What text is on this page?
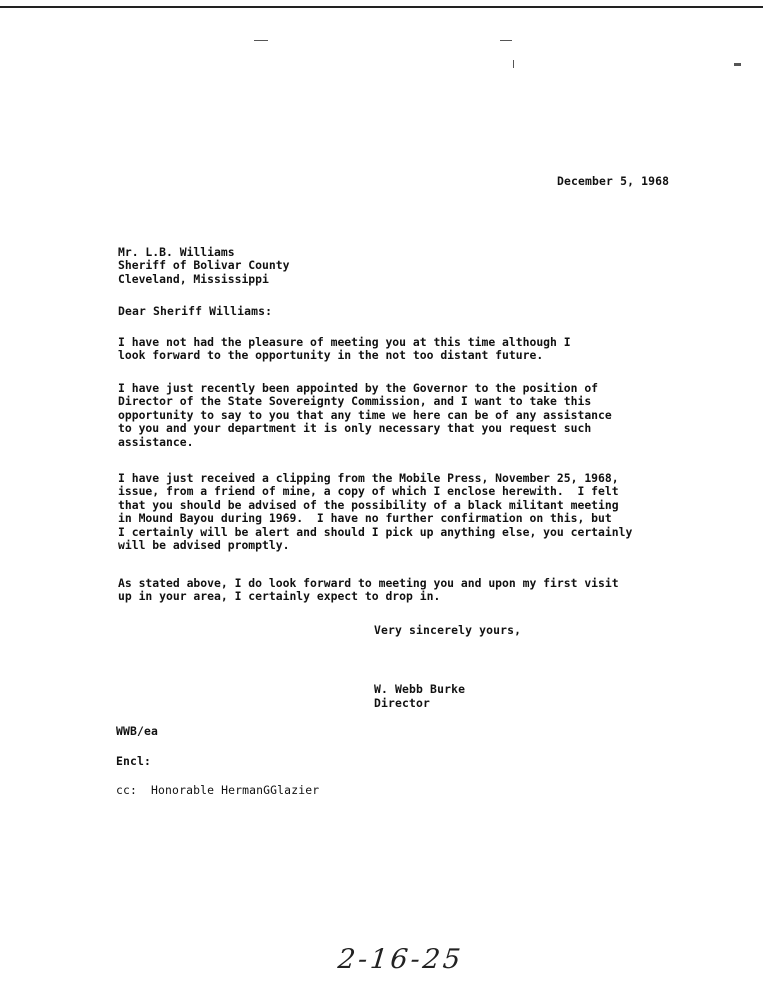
December 5, 1968
Mr. L.B. Williams
Sheriff of Bolivar County
Cleveland, Mississippi
Dear Sheriff Williams:
I have not had the pleasure of meeting you at this time although I
look forward to the opportunity in the not too distant future.
I have just recently been appointed by the Governor to the position of
Director of the State Sovereignty Commission, and I want to take this
opportunity to say to you that any time we here can be of any assistance
to you and your department it is only necessary that you request such
assistance.
I have just received a clipping from the Mobile Press, November 25, 1968,
issue, from a friend of mine, a copy of which I enclose herewith.  I felt
that you should be advised of the possibility of a black militant meeting
in Mound Bayou during 1969.  I have no further confirmation on this, but
I certainly will be alert and should I pick up anything else, you certainly
will be advised promptly.
As stated above, I do look forward to meeting you and upon my first visit
up in your area, I certainly expect to drop in.
Very sincerely yours,
W. Webb Burke
Director
WWB/ea
Encl:
cc:  Honorable HermanGGlazier
2-16-25
